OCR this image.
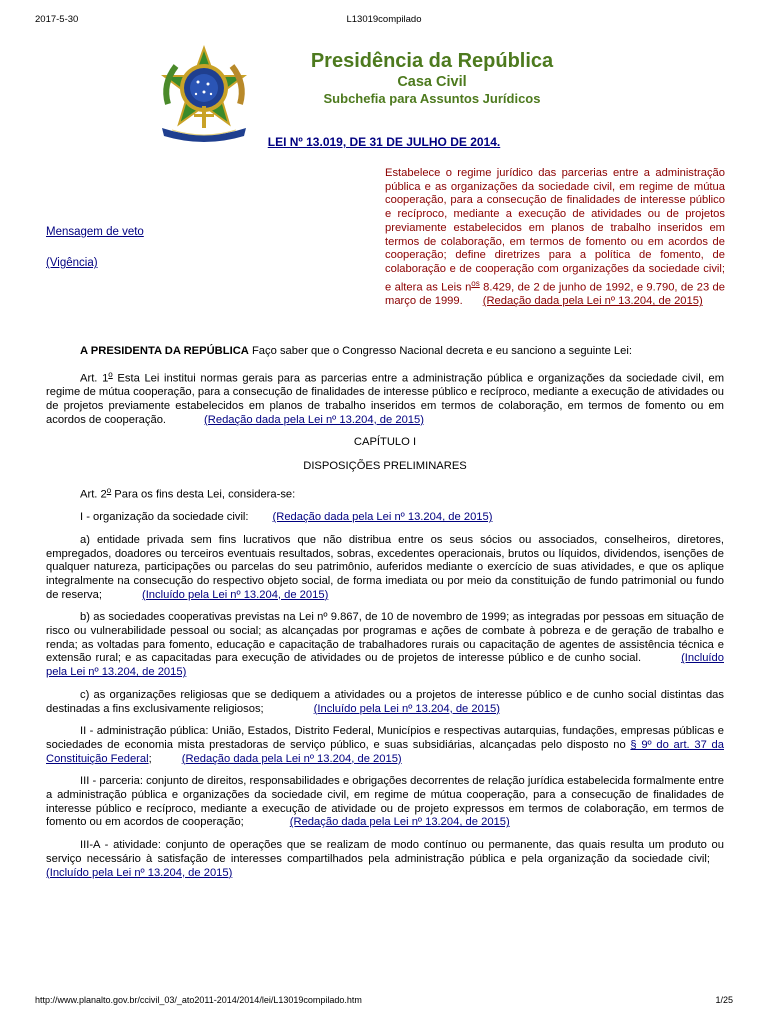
2017-5-30	L13019compilado
Presidência da República
Casa Civil
Subchefia para Assuntos Jurídicos
LEI Nº 13.019, DE 31 DE JULHO DE 2014.
Mensagem de veto
(Vigência)
Estabelece o regime jurídico das parcerias entre a administração pública e as organizações da sociedade civil, em regime de mútua cooperação, para a consecução de finalidades de interesse público e recíproco, mediante a execução de atividades ou de projetos previamente estabelecidos em planos de trabalho inseridos em termos de colaboração, em termos de fomento ou em acordos de cooperação; define diretrizes para a política de fomento, de colaboração e de cooperação com organizações da sociedade civil; e altera as Leis $n^{os}$ 8.429, de 2 de junho de 1992, e 9.790, de 23 de março de 1999. (Redação dada pela Lei nº 13.204, de 2015)

A PRESIDENTA DA REPÚBLICA Faço saber que o Congresso Nacional decreta e eu sanciono a seguinte Lei:

Art. 1$^o$ Esta Lei institui normas gerais para as parcerias entre a administração pública e organizações da sociedade civil, em regime de mútua cooperação, para a consecução de finalidades de interesse público e recíproco, mediante a execução de atividades ou de projetos previamente estabelecidos em planos de trabalho inseridos em termos de colaboração, em termos de fomento ou em acordos de cooperação.	(Redação dada pela Lei nº 13.204, de 2015)

CAPÍTULO I

DISPOSIÇÕES PRELIMINARES

Art. 2$^o$ Para os fins desta Lei, considera-se:

I - organização da sociedade civil: (Redação dada pela Lei nº 13.204, de 2015)

a) entidade privada sem fins lucrativos que não distribua entre os seus sócios ou associados, conselheiros, diretores, empregados, doadores ou terceiros eventuais resultados, sobras, excedentes operacionais, brutos ou líquidos, dividendos, isenções de qualquer natureza, participações ou parcelas do seu patrimônio, auferidos mediante o exercício de suas atividades, e que os aplique integralmente na consecução do respectivo objeto social, de forma imediata ou por meio da constituição de fundo patrimonial ou fundo de reserva;	(Incluído pela Lei nº 13.204, de 2015)

b) as sociedades cooperativas previstas na Lei nº 9.867, de 10 de novembro de 1999; as integradas por pessoas em situação de risco ou vulnerabilidade pessoal ou social; as alcançadas por programas e ações de combate à pobreza e de geração de trabalho e renda; as voltadas para fomento, educação e capacitação de trabalhadores rurais ou capacitação de agentes de assistência técnica e extensão rural; e as capacitadas para execução de atividades ou de projetos de interesse público e de cunho social.	(Incluído pela Lei nº 13.204, de 2015)

c) as organizações religiosas que se dediquem a atividades ou a projetos de interesse público e de cunho social distintas das destinadas a fins exclusivamente religiosos;	(Incluído pela Lei nº 13.204, de 2015)

II - administração pública: União, Estados, Distrito Federal, Municípios e respectivas autarquias, fundações, empresas públicas e sociedades de economia mista prestadoras de serviço público, e suas subsidiárias, alcançadas pelo disposto no § 9º do art. 37 da Constituição Federal;	(Redação dada pela Lei nº 13.204, de 2015)

III - parceria: conjunto de direitos, responsabilidades e obrigações decorrentes de relação jurídica estabelecida formalmente entre a administração pública e organizações da sociedade civil, em regime de mútua cooperação, para a consecução de finalidades de interesse público e recíproco, mediante a execução de atividade ou de projeto expressos em termos de colaboração, em termos de fomento ou em acordos de cooperação;	(Redação dada pela Lei nº 13.204, de 2015)

III-A - atividade: conjunto de operações que se realizam de modo contínuo ou permanente, das quais resulta um produto ou serviço necessário à satisfação de interesses compartilhados pela administração pública e pela organização da sociedade civil;(Incluído pela Lei nº 13.204, de 2015)

http://www.planalto.gov.br/ccivil_03/_ato2011-2014/2014/lei/L13019compilado.htm	1/25
